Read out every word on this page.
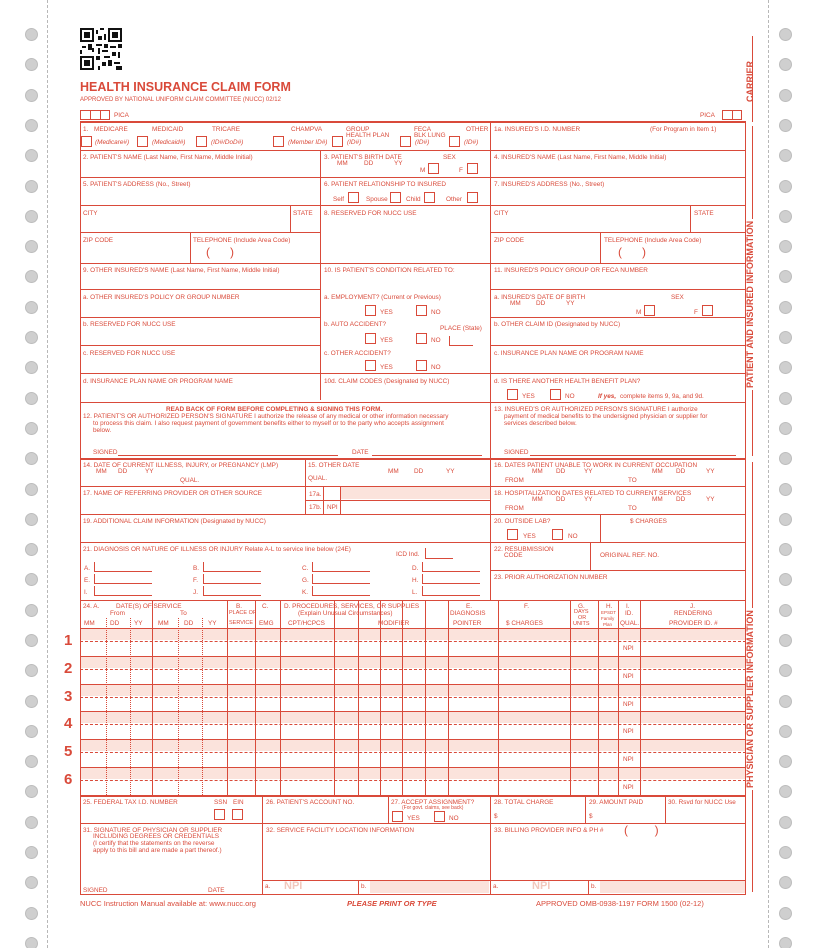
HEALTH INSURANCE CLAIM FORM
APPROVED BY NATIONAL UNIFORM CLAIM COMMITTEE (NUCC) 02/12
PICA	PICA
CARRIER
PATIENT AND INSURED INFORMATION
PHYSICIAN OR SUPPLIER INFORMATION
1. MEDICARE	MEDICAID	TRICARE	CHAMPVA	GROUP
HEALTH PLAN
FECA
BLK LUNG
OTHER
(Medicare#)	(Medicaid#)	(ID#/DoD#)	(Member ID#)	(ID#)	(ID#)	(ID#)
1a. INSURED'S I.D. NUMBER	(For Program in Item 1)
2. PATIENT'S NAME (Last Name, First Name, Middle Initial)	3. PATIENT'S BIRTH DATE
MM	DD	YY
SEX
M	F
4. INSURED'S NAME (Last Name, First Name, Middle Initial)
5. PATIENT'S ADDRESS (No., Street)	6. PATIENT RELATIONSHIP TO INSURED
Self	Spouse	Child	Other
7. INSURED'S ADDRESS (No., Street)
CITY	STATE 8. RESERVED FOR NUCC USE	CITY	STATE
ZIP CODE	TELEPHONE (Include Area Code)
(      )
ZIP CODE	TELEPHONE (Include Area Code)
(      )
9. OTHER INSURED'S NAME (Last Name, First Name, Middle Initial)	10. IS PATIENT'S CONDITION RELATED TO:	11. INSURED'S POLICY GROUP OR FECA NUMBER
a. OTHER INSURED'S POLICY OR GROUP NUMBER	a. EMPLOYMENT? (Current or Previous)
YES	NO
a. INSURED'S DATE OF BIRTH
MM DD	YY
SEX
M	F
b. RESERVED FOR NUCC USE	b. AUTO ACCIDENT?
PLACE (State)
YES	NO
b. OTHER CLAIM ID (Designated by NUCC)
c. RESERVED FOR NUCC USE	c. OTHER ACCIDENT?
YES	NO
c. INSURANCE PLAN NAME OR PROGRAM NAME
d. INSURANCE PLAN NAME OR PROGRAM NAME	10d. CLAIM CODES (Designated by NUCC)	d. IS THERE ANOTHER HEALTH BENEFIT PLAN?
YES	NO	If yes, complete items 9, 9a, and 9d.
READ BACK OF FORM BEFORE COMPLETING & SIGNING THIS FORM.
12. PATIENT'S OR AUTHORIZED PERSON'S SIGNATURE I authorize the release of any medical or other information necessary
to process this claim. I also request payment of government benefits either to myself or to the party who accepts assignment
below.
SIGNED	DATE
13. INSURED'S OR AUTHORIZED PERSON'S SIGNATURE I authorize
payment of medical benefits to the undersigned physician or supplier for
services described below.
SIGNED
14. DATE OF CURRENT ILLNESS, INJURY, or PREGNANCY (LMP)
MM DD	YY
QUAL.
15. OTHER DATE
QUAL.
MM DD	YY
16. DATES PATIENT UNABLE TO WORK IN CURRENT OCCUPATION
MM DD	YY	MM DD	YY
FROM	TO
17. NAME OF REFERRING PROVIDER OR OTHER SOURCE	17a.
17b. NPI
18. HOSPITALIZATION DATES RELATED TO CURRENT SERVICES
MM DD	YY	MM DD	YY
FROM	TO
19. ADDITIONAL CLAIM INFORMATION (Designated by NUCC)	20. OUTSIDE LAB?	$ CHARGES
YES	NO
21. DIAGNOSIS OR NATURE OF ILLNESS OR INJURY Relate A-L to service line below (24E)
ICD Ind.
A.	B.	C.	D.
E.	F.	G.	H.
I.	J.	K.	L.
22. RESUBMISSION
CODE	ORIGINAL REF. NO.
23. PRIOR AUTHORIZATION NUMBER
24. A.	DATE(S) OF SERVICE
From	To
MM DD YY MM DD YY
B.
PLACE OF
SERVICE
C.
EMG
D. PROCEDURES, SERVICES, OR SUPPLIES
(Explain Unusual Circumstances)
CPT/HCPCS	MODIFIER
E.
DIAGNOSIS
POINTER
F.
$ CHARGES
G.
DAYS
OR
UNITS
H.
EPSDT
Family
Plan
I.
ID.
QUAL.
J.
RENDERING
PROVIDER ID. #
1	NPI
2	NPI
3	NPI
4	NPI
5	NPI
6	NPI
25. FEDERAL TAX I.D. NUMBER	SSN EIN	26. PATIENT'S ACCOUNT NO.	27. ACCEPT ASSIGNMENT?
(For govt. claims, see back)
YES	NO
28. TOTAL CHARGE
$
29. AMOUNT PAID
$
30. Rsvd for NUCC Use
31. SIGNATURE OF PHYSICIAN OR SUPPLIER
INCLUDING DEGREES OR CREDENTIALS
(I certify that the statements on the reverse
apply to this bill and are made a part thereof.)
SIGNED	DATE
32. SERVICE FACILITY LOCATION INFORMATION
a. NPI	b.
33. BILLING PROVIDER INFO & PH # (        )
a.	NPI	b.
NUCC Instruction Manual available at: www.nucc.org	PLEASE PRINT OR TYPE	APPROVED OMB-0938-1197 FORM 1500 (02-12)
